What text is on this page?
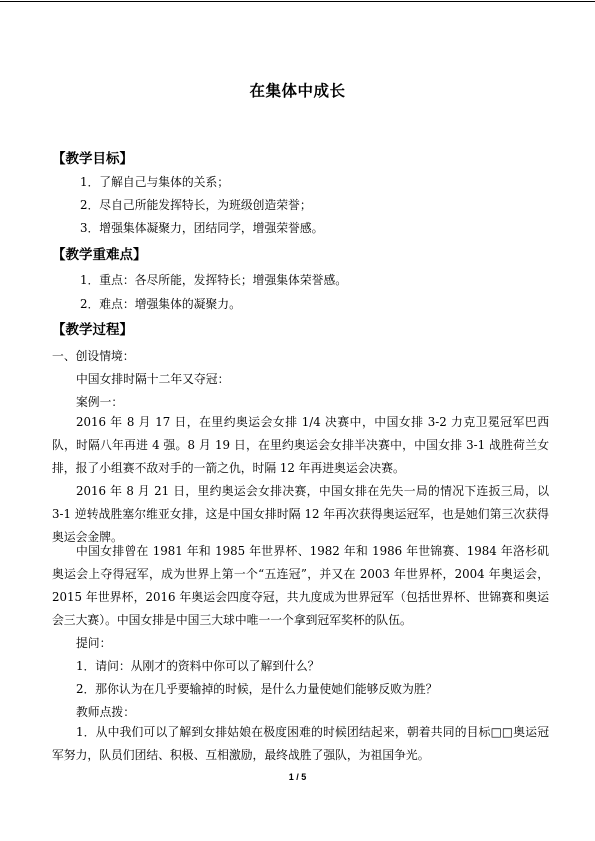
在集体中成长
【教学目标】
1．了解自己与集体的关系；
2．尽自己所能发挥特长，为班级创造荣誉；
3．增强集体凝聚力，团结同学，增强荣誉感。
【教学重难点】
1．重点：各尽所能，发挥特长；增强集体荣誉感。
2．难点：增强集体的凝聚力。
【教学过程】
一、创设情境：
中国女排时隔十二年又夺冠：
案例一：
2016 年 8 月 17 日，在里约奥运会女排 1/4 决赛中，中国女排 3-2 力克卫冕冠军巴西队，时隔八年再进 4 强。8 月 19 日，在里约奥运会女排半决赛中，中国女排 3-1 战胜荷兰女排，报了小组赛不敌对手的一箭之仇，时隔 12 年再进奥运会决赛。
2016 年 8 月 21 日，里约奥运会女排决赛，中国女排在先失一局的情况下连扳三局，以 3-1 逆转战胜塞尔维亚女排，这是中国女排时隔 12 年再次获得奥运冠军，也是她们第三次获得奥运会金牌。
中国女排曾在 1981 年和 1985 年世界杯、1982 年和 1986 年世锦赛、1984 年洛杉矶奥运会上夺得冠军，成为世界上第一个“五连冠”，并又在 2003 年世界杯，2004 年奥运会，2015 年世界杯，2016 年奥运会四度夺冠，共九度成为世界冠军（包括世界杯、世锦赛和奥运会三大赛）。中国女排是中国三大球中唯一一个拿到冠军奖杯的队伍。
提问：
1．请问：从刚才的资料中你可以了解到什么？
2．那你认为在几乎要输掉的时候，是什么力量使她们能够反败为胜？
教师点拨：
1．从中我们可以了解到女排姑娘在极度困难的时候团结起来，朝着共同的目标□□奥运冠军努力，队员们团结、积极、互相激励，最终战胜了强队，为祖国争光。
1 / 5
